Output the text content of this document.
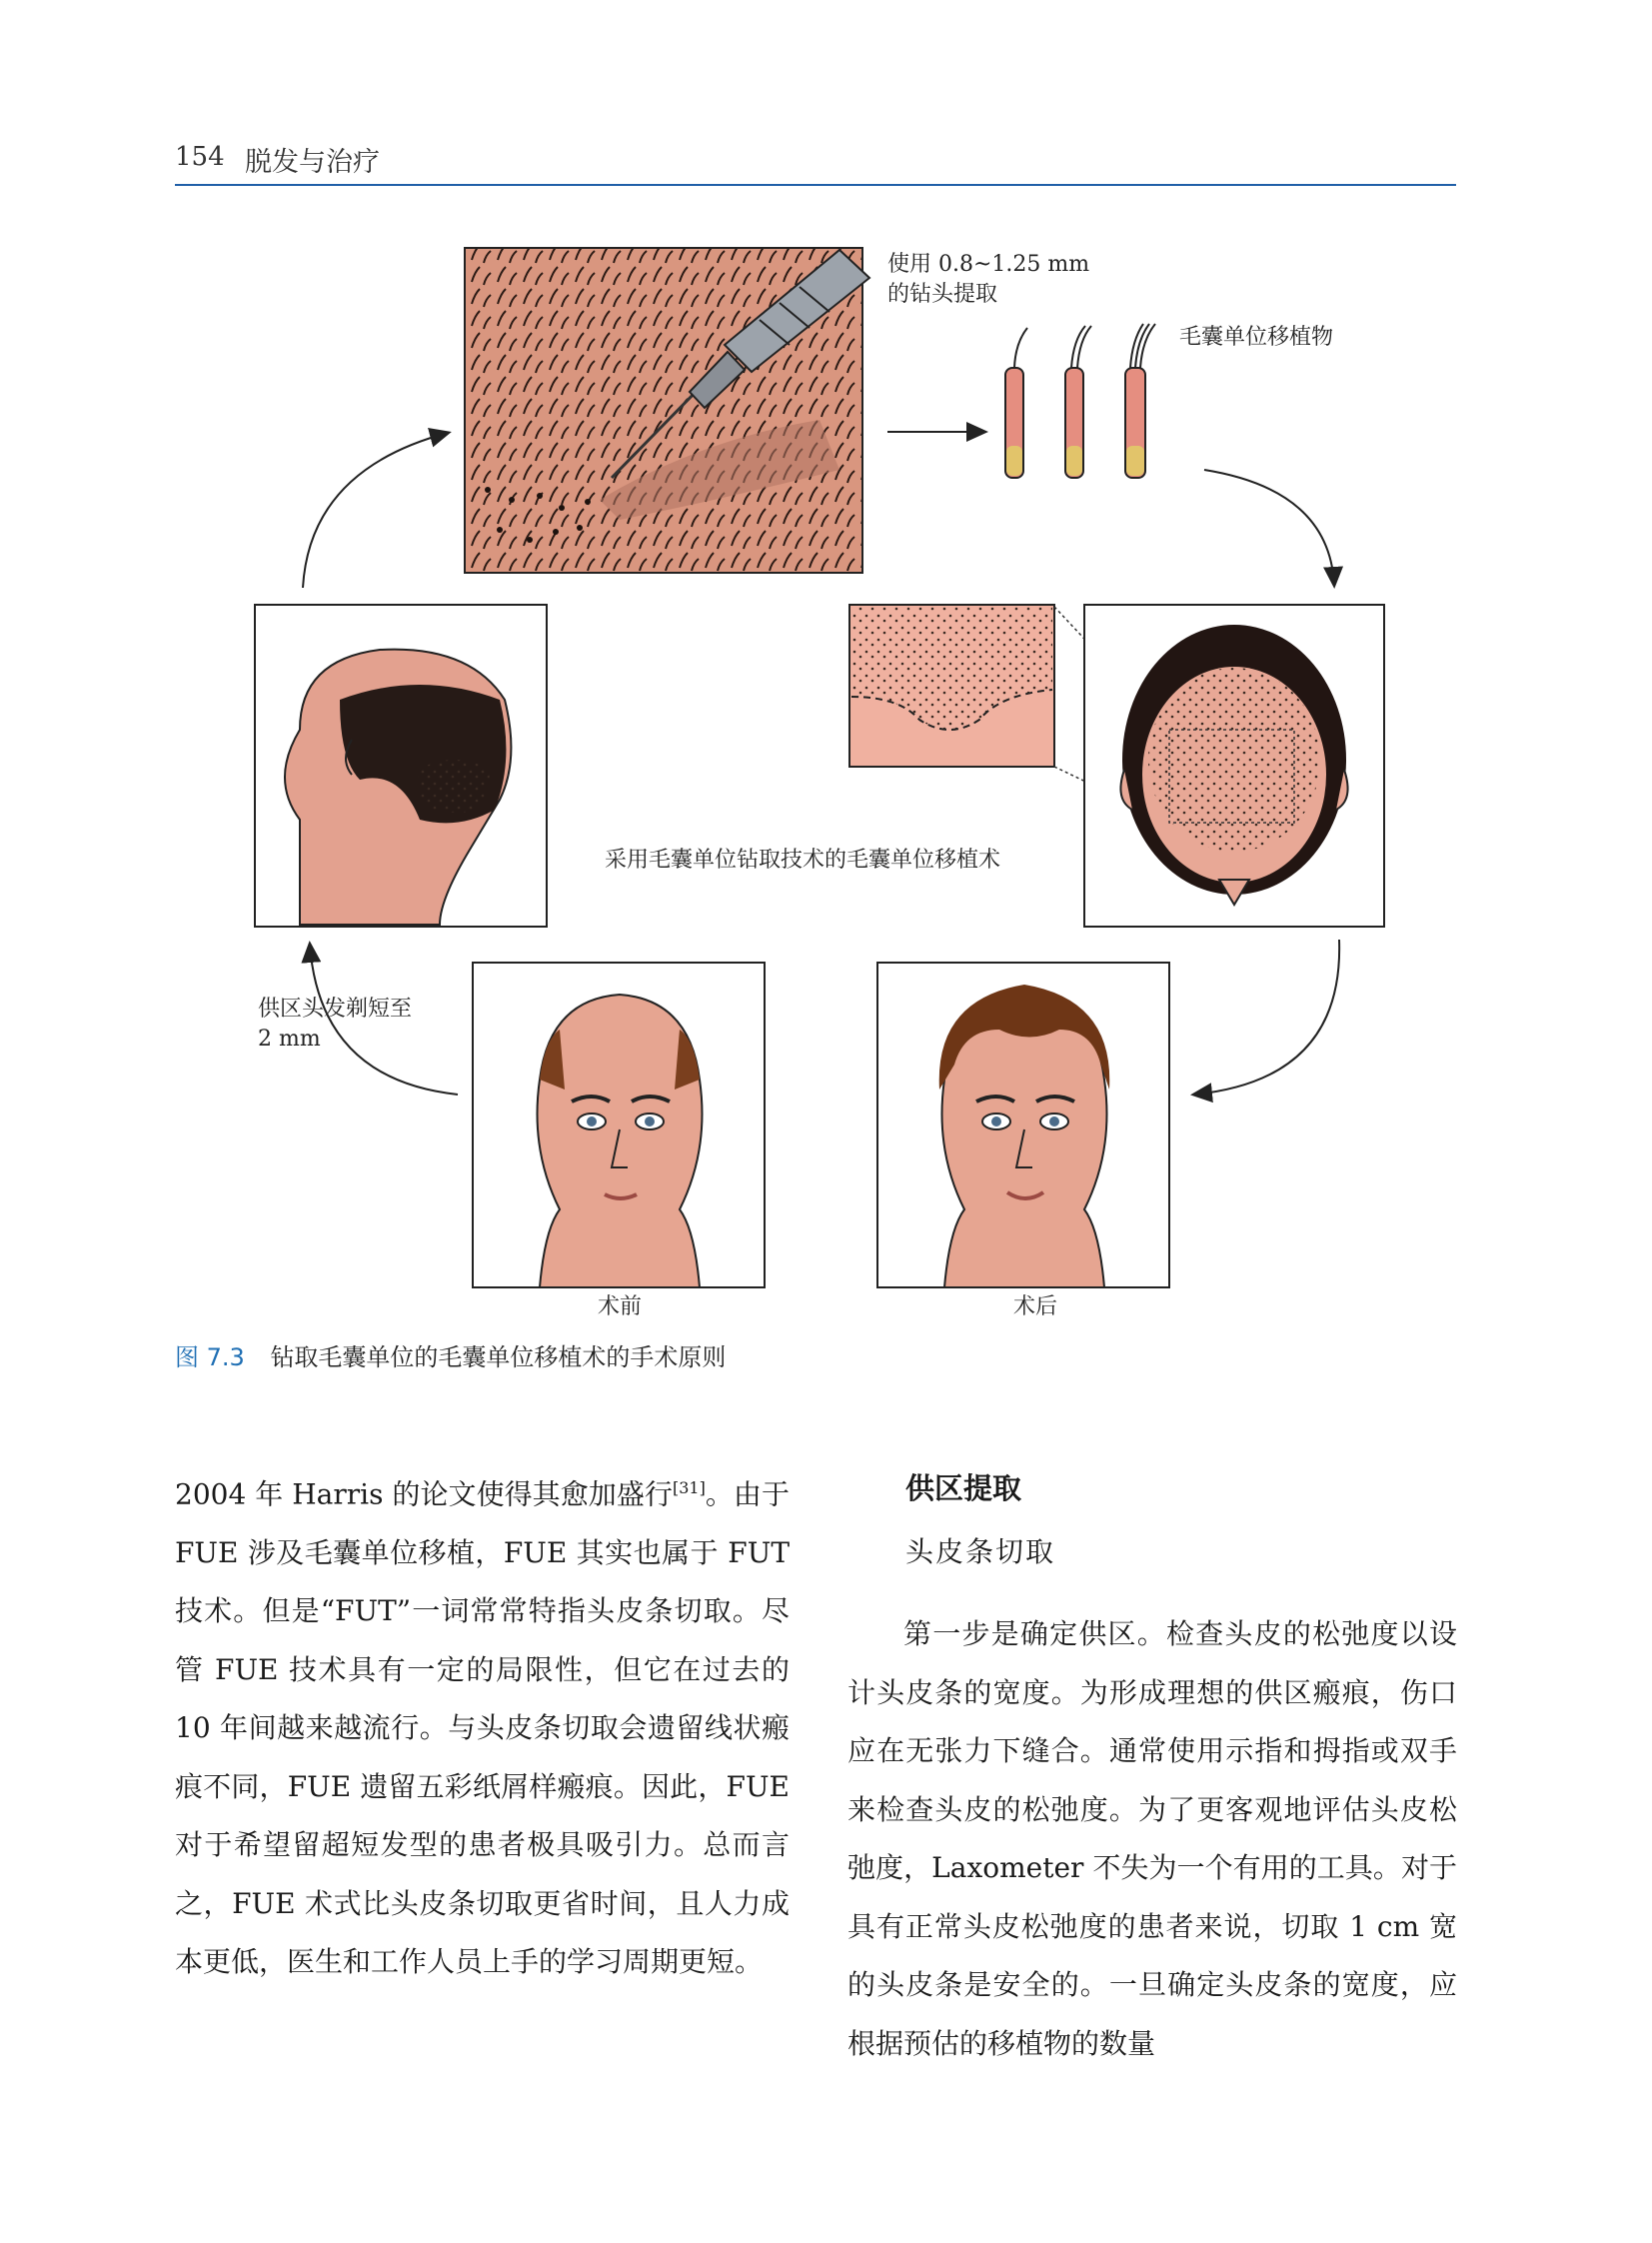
154 脱发与治疗
使用 0.8~1.25 mm
的钻头提取
毛囊单位移植物
采用毛囊单位钻取技术的毛囊单位移植术
供区头发剃短至
2 mm
术前	术后
图 7.3 钻取毛囊单位的毛囊单位移植术的手术原则

2004 年 Harris 的论文使得其愈加盛行[31]。由于 FUE 涉及毛囊单位移植，FUE 其实也属于 FUT 技术。但是“FUT”一词常常特指头皮条切取。尽管 FUE 技术具有一定的局限性，但它在过去的 10 年间越来越流行。与头皮条切取会遗留线状瘢痕不同，FUE 遗留五彩纸屑样瘢痕。因此，FUE 对于希望留超短发型的患者极具吸引力。总而言之，FUE 术式比头皮条切取更省时间，且人力成本更低，医生和工作人员上手的学习周期更短。

供区提取
头皮条切取

第一步是确定供区。检查头皮的松弛度以设计头皮条的宽度。为形成理想的供区瘢痕，伤口应在无张力下缝合。通常使用示指和拇指或双手来检查头皮的松弛度。为了更客观地评估头皮松弛度，Laxometer 不失为一个有用的工具。对于具有正常头皮松弛度的患者来说，切取 1 cm 宽的头皮条是安全的。一旦确定头皮条的宽度，应根据预估的移植物的数量
